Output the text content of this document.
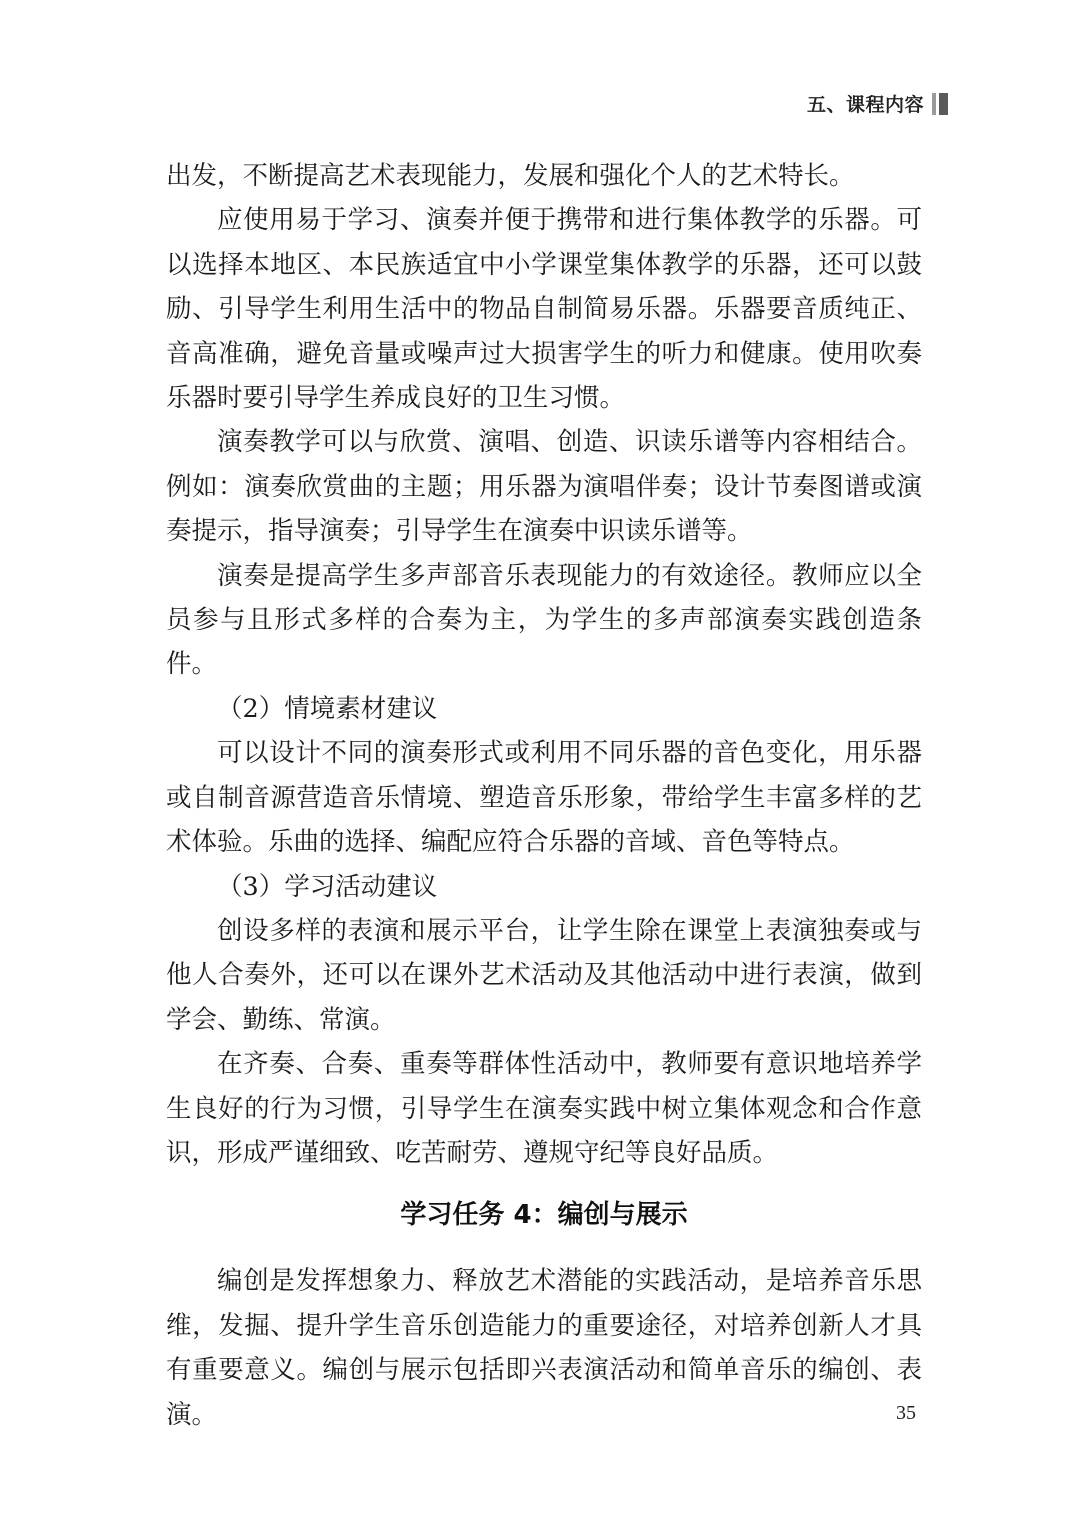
五、课程内容

出发，不断提高艺术表现能力，发展和强化个人的艺术特长。

应使用易于学习、演奏并便于携带和进行集体教学的乐器。可以选择本地区、本民族适宜中小学课堂集体教学的乐器，还可以鼓励、引导学生利用生活中的物品自制简易乐器。乐器要音质纯正、音高准确，避免音量或噪声过大损害学生的听力和健康。使用吹奏乐器时要引导学生养成良好的卫生习惯。

演奏教学可以与欣赏、演唱、创造、识读乐谱等内容相结合。例如：演奏欣赏曲的主题；用乐器为演唱伴奏；设计节奏图谱或演奏提示，指导演奏；引导学生在演奏中识读乐谱等。

演奏是提高学生多声部音乐表现能力的有效途径。教师应以全员参与且形式多样的合奏为主，为学生的多声部演奏实践创造条件。

（2）情境素材建议

可以设计不同的演奏形式或利用不同乐器的音色变化，用乐器或自制音源营造音乐情境、塑造音乐形象，带给学生丰富多样的艺术体验。乐曲的选择、编配应符合乐器的音域、音色等特点。

（3）学习活动建议

创设多样的表演和展示平台，让学生除在课堂上表演独奏或与他人合奏外，还可以在课外艺术活动及其他活动中进行表演，做到学会、勤练、常演。

在齐奏、合奏、重奏等群体性活动中，教师要有意识地培养学生良好的行为习惯，引导学生在演奏实践中树立集体观念和合作意识，形成严谨细致、吃苦耐劳、遵规守纪等良好品质。

学习任务 4：编创与展示

编创是发挥想象力、释放艺术潜能的实践活动，是培养音乐思维，发掘、提升学生音乐创造能力的重要途径，对培养创新人才具有重要意义。编创与展示包括即兴表演活动和简单音乐的编创、表演。	35
